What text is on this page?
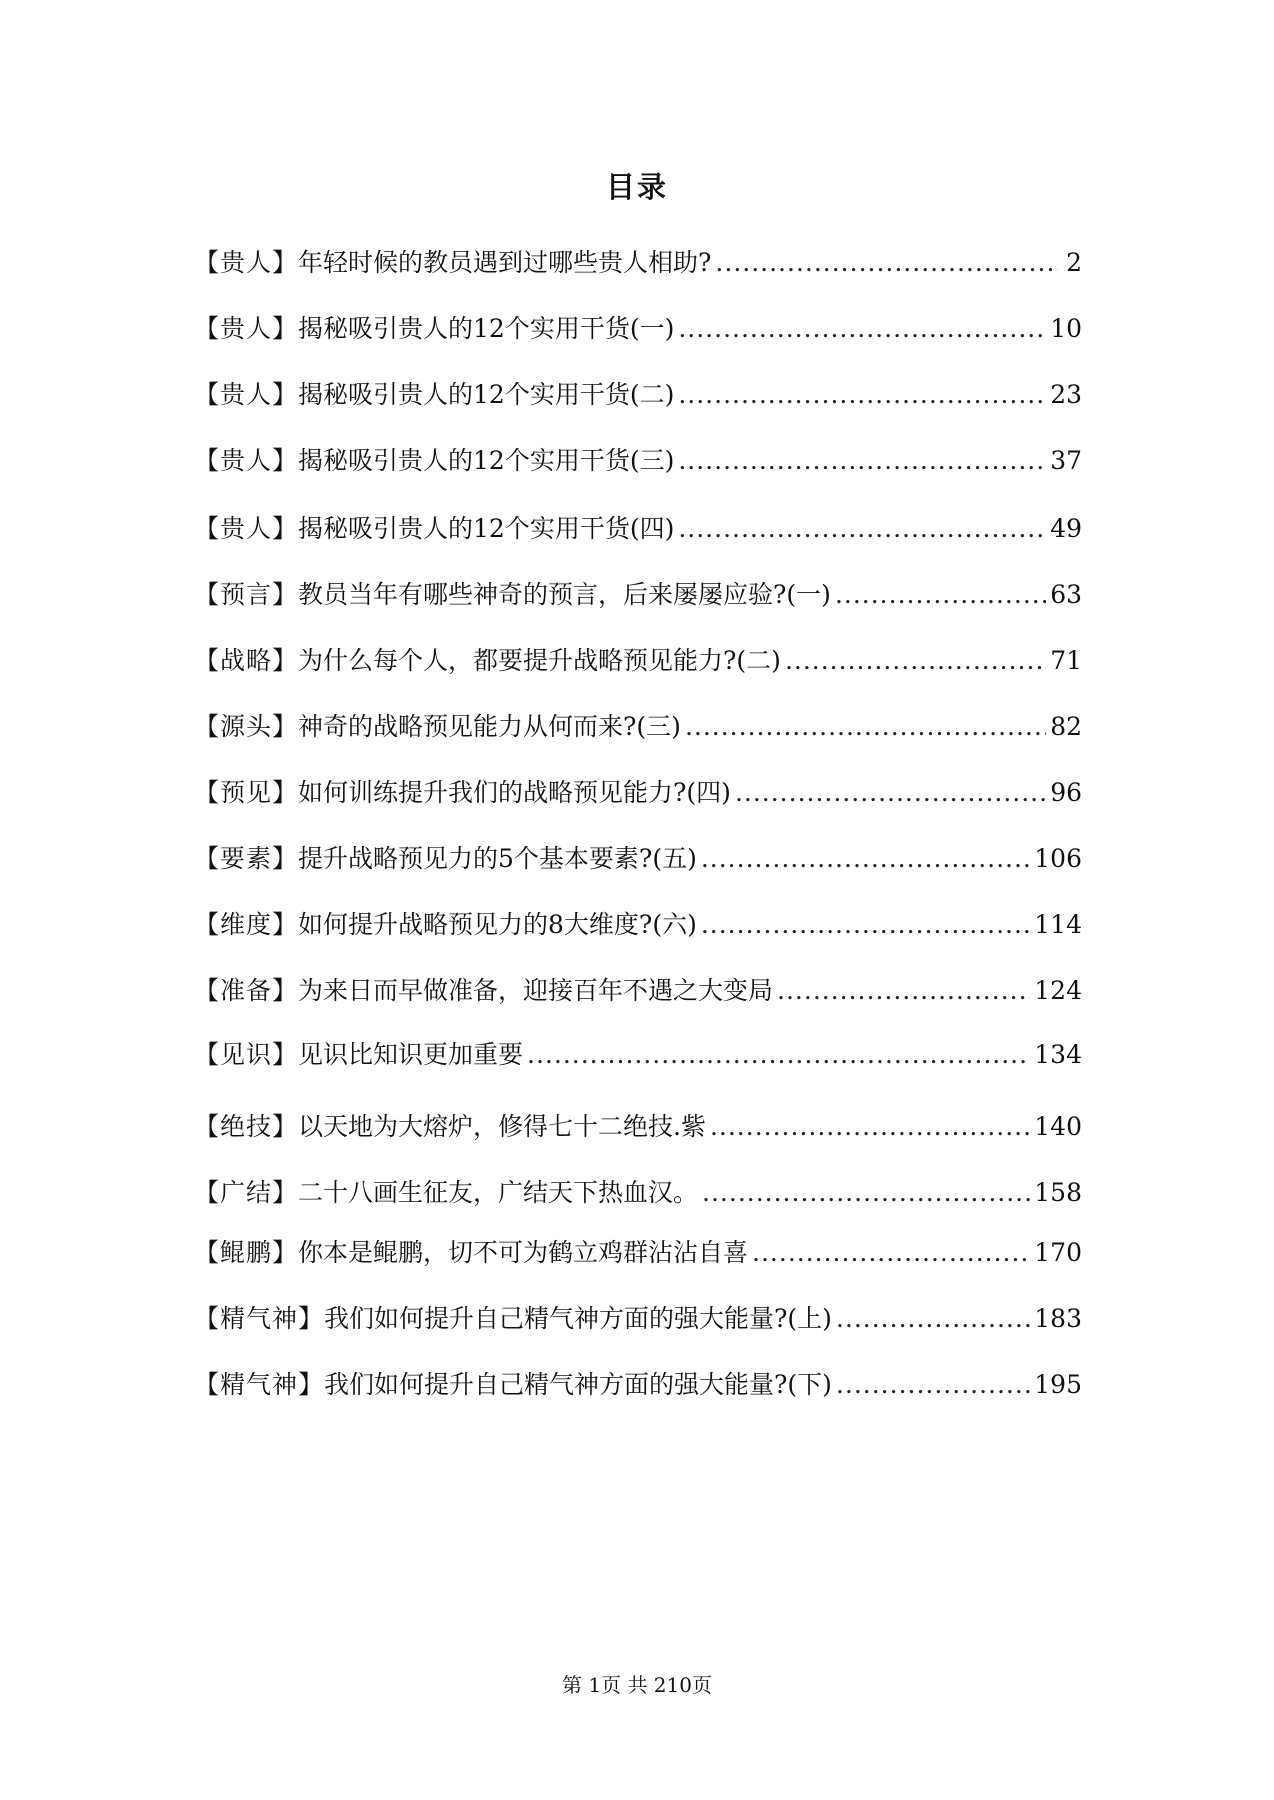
目录
【贵人】 年轻时候的教员遇到过哪些贵人相助? .....	2
【贵人】 揭秘吸引贵人的12个实用干货(一) .....	10
【贵人】 揭秘吸引贵人的12个实用干货(二) .....	23
【贵人】 揭秘吸引贵人的12个实用干货(三) .....	37
【贵人】 揭秘吸引贵人的12个实用干货(四) .....	49
【预言】 教员当年有哪些神奇的预言，后来屡屡应验?(一) .....	63
【战略】 为什么每个人，都要提升战略预见能力?(二) .....	71
【源头】 神奇的战略预见能力从何而来?(三) .....	82
【预见】 如何训练提升我们的战略预见能力?(四) .....	96
【要素】 提升战略预见力的5个基本要素?(五) .....	106
【维度】 如何提升战略预见力的8大维度?(六) .....	114
【准备】 为来日而早做准备，迎接百年不遇之大变局 .....	124
【见识】 见识比知识更加重要 .....	134
【绝技】 以天地为大熔炉，修得七十二绝技.紫 .....	140
【广结】 二十八画生征友，广结天下热血汉。 .....	158
【鲲鹏】 你本是鲲鹏，切不可为鹤立鸡群沾沾自喜 .....	170
【精气神】 我们如何提升自己精气神方面的强大能量?(上) .....	183
【精气神】 我们如何提升自己精气神方面的强大能量?(下) .....	195
第 1页 共 210页
